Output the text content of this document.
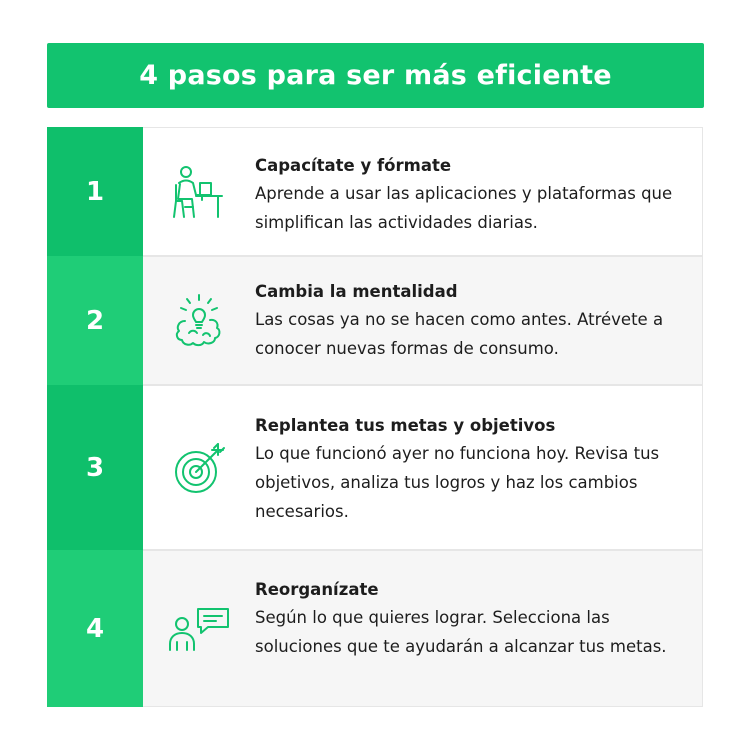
4 pasos para ser más eficiente
1
Capacítate y fórmate
Aprende a usar las aplicaciones y plataformas que simplifican las actividades diarias.
2
Cambia la mentalidad
Las cosas ya no se hacen como antes. Atrévete a conocer nuevas formas de consumo.
3
Replantea tus metas y objetivos
Lo que funcionó ayer no funciona hoy. Revisa tus objetivos, analiza tus logros y haz los cambios necesarios.
4
Reorganízate
Según lo que quieres lograr. Selecciona las soluciones que te ayudarán a alcanzar tus metas.
